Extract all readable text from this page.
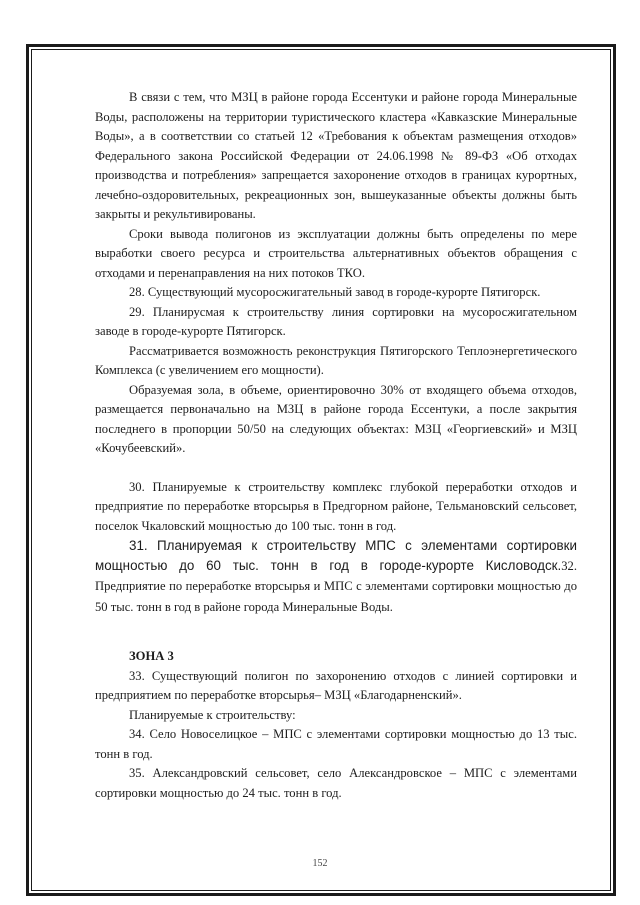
В связи с тем, что МЗЦ в районе города Ессентуки и районе города Минеральные Воды, расположены на территории туристического кластера «Кавказские Минеральные Воды», а в соответствии со статьей 12 «Требования к объектам размещения отходов» Федерального закона Российской Федерации от 24.06.1998 № 89-ФЗ «Об отходах производства и потребления» запрещается захоронение отходов в границах курортных, лечебно-оздоровительных, рекреационных зон, вышеуказанные объекты должны быть закрыты и рекультивированы.

Сроки вывода полигонов из эксплуатации должны быть определены по мере выработки своего ресурса и строительства альтернативных объектов обращения с отходами и перенаправления на них потоков ТКО.

28. Существующий мусоросжигательный завод в городе-курорте Пятигорск.

29. Планирусмая к строительству линия сортировки на мусоросжигательном заводе в городе-курорте Пятигорск.

Рассматривается возможность реконструкция Пятигорского Теплоэнергетического Комплекса (с увеличением его мощности).

Образуемая зола, в объеме, ориентировочно 30% от входящего объема отходов, размещается первоначально на МЗЦ в районе города Ессентуки, а после закрытия последнего в пропорции 50/50 на следующих объектах: МЗЦ «Георгиевский» и МЗЦ «Кочубеевский».

30. Планируемые к строительству комплекс глубокой переработки отходов и предприятие по переработке вторсырья в Предгорном районе, Тельмановский сельсовет, поселок Чкаловский мощностью до 100 тыс. тонн в год.

31. Планируемая к строительству МПС с элементами сортировки мощностью до 60 тыс. тонн в год в городе-курорте Кисловодск.32. Предприятие по переработке вторсырья и МПС с элементами сортировки мощностью до 50 тыс. тонн в год в районе города Минеральные Воды.

ЗОНА 3

33. Существующий полигон по захоронению отходов с линией сортировки и предприятием по переработке вторсырья– МЗЦ «Благодарненский».

Планируемые к строительству:

34. Село Новоселицкое – МПС с элементами сортировки мощностью до 13 тыс. тонн в год.

35. Александровский сельсовет, село Александровское – МПС с элементами сортировки мощностью до 24 тыс. тонн в год.

152
